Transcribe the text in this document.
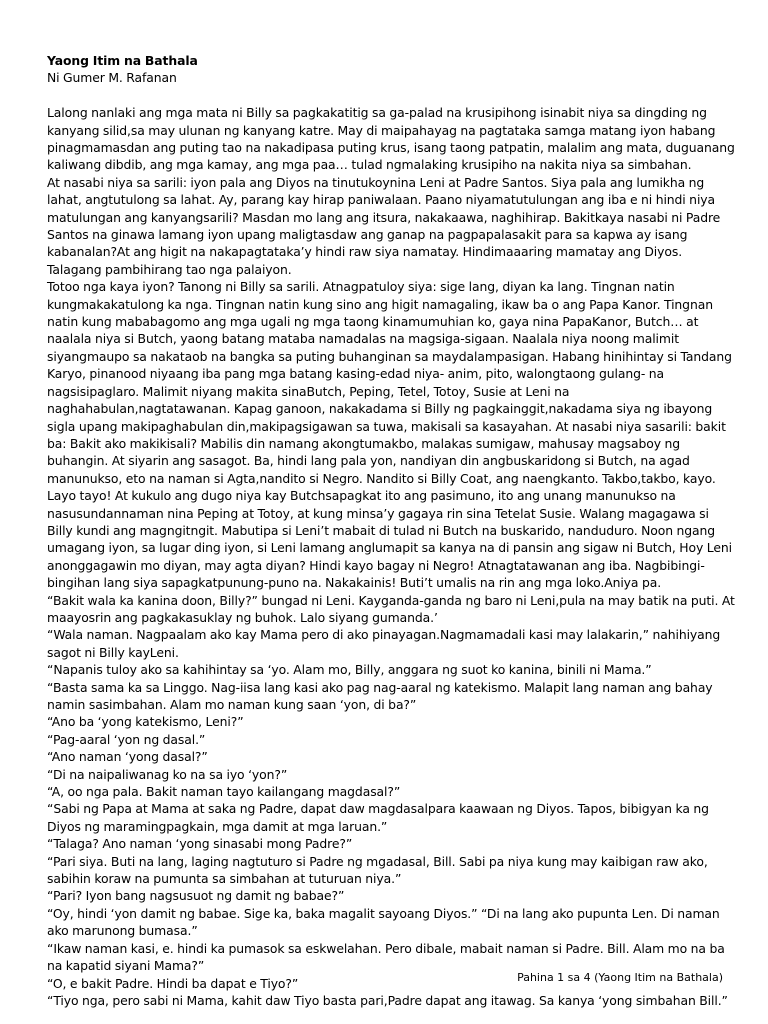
Yaong Itim na Bathala

Ni Gumer M. Rafanan

Lalong nanlaki ang mga mata ni Billy sa pagkakatitig sa ga-palad na krusipihong isinabit niya sa dingding ng kanyang silid,sa may ulunan ng kanyang katre. May di maipahayag na pagtataka samga matang iyon habang pinagmamasdan ang puting tao na nakadipasa puting krus, isang taong patpatin, malalim ang mata, duguanang kaliwang dibdib, ang mga kamay, ang mga paa… tulad ngmalaking krusipiho na nakita niya sa simbahan.

At nasabi niya sa sarili: iyon pala ang Diyos na tinutukoynina Leni at Padre Santos. Siya pala ang lumikha ng lahat, angtutulong sa lahat. Ay, parang kay hirap paniwalaan. Paano niyamatutulungan ang iba e ni hindi niya matulungan ang kanyangsarili? Masdan mo lang ang itsura, nakakaawa, naghihirap. Bakitkaya nasabi ni Padre Santos na ginawa lamang iyon upang maligtasdaw ang ganap na pagpapalasakit para sa kapwa ay isang kabanalan?At ang higit na nakapagtataka’y hindi raw siya namatay. Hindimaaaring mamatay ang Diyos. Talagang pambihirang tao nga palaiyon.

Totoo nga kaya iyon? Tanong ni Billy sa sarili. Atnagpatuloy siya: sige lang, diyan ka lang. Tingnan natin kungmakakatulong ka nga. Tingnan natin kung sino ang higit namagaling, ikaw ba o ang Papa Kanor. Tingnan natin kung mababagomo ang mga ugali ng mga taong kinamumuhian ko, gaya nina PapaKanor, Butch… at naalala niya si Butch, yaong batang mataba namadalas na magsiga-sigaan. Naalala niya noong malimit siyangmaupo sa nakataob na bangka sa puting buhanginan sa maydalampasigan. Habang hinihintay si Tandang Karyo, pinanood niyaang iba pang mga batang kasing-edad niya- anim, pito, walongtaong gulang- na nagsisipaglaro. Malimit niyang makita sinaButch, Peping, Tetel, Totoy, Susie at Leni na naghahabulan,nagtatawanan. Kapag ganoon, nakakadama si Billy ng pagkainggit,nakadama siya ng ibayong sigla upang makipaghabulan din,makipagsigawan sa tuwa, makisali sa kasayahan. At nasabi niya sasarili: bakit ba: Bakit ako makikisali? Mabilis din namang akongtumakbo, malakas sumigaw, mahusay magsaboy ng buhangin. At siyarin ang sasagot. Ba, hindi lang pala yon, nandiyan din angbuskaridong si Butch, na agad manunukso, eto na naman si Agta,nandito si Negro. Nandito si Billy Coat, ang naengkanto. Takbo,takbo, kayo. Layo tayo! At kukulo ang dugo niya kay Butchsapagkat ito ang pasimuno, ito ang unang manunukso na nasusundannaman nina Peping at Totoy, at kung minsa’y gagaya rin sina Tetelat Susie. Walang magagawa si Billy kundi ang magngitngit. Mabutipa si Leni’t mabait di tulad ni Butch na buskarido, nanduduro. Noon ngang umagang iyon, sa lugar ding iyon, si Leni lamang anglumapit sa kanya na di pansin ang sigaw ni Butch, Hoy Leni anonggagawin mo diyan, may agta diyan? Hindi kayo bagay ni Negro! Atnagtatawanan ang iba. Nagbibingi-bingihan lang siya sapagkatpunung-puno na. Nakakainis! Buti’t umalis na rin ang mga loko.Aniya pa.

“Bakit wala ka kanina doon, Billy?” bungad ni Leni. Kayganda-ganda ng baro ni Leni,pula na may batik na puti. At maayosrin ang pagkakasuklay ng buhok. Lalo siyang gumanda.’

“Wala naman. Nagpaalam ako kay Mama pero di ako pinayagan.Nagmamadali kasi may lalakarin,” nahihiyang sagot ni Billy kayLeni.

“Napanis tuloy ako sa kahihintay sa ‘yo. Alam mo, Billy, anggara ng suot ko kanina, binili ni Mama.”

“Basta sama ka sa Linggo. Nag-iisa lang kasi ako pag nag-aaral ng katekismo. Malapit lang naman ang bahay namin sasimbahan. Alam mo naman kung saan ‘yon, di ba?”

“Ano ba ‘yong katekismo, Leni?”

“Pag-aaral ‘yon ng dasal.”

“Ano naman ‘yong dasal?”

“Di na naipaliwanag ko na sa iyo ‘yon?”

“A, oo nga pala. Bakit naman tayo kailangang magdasal?”

“Sabi ng Papa at Mama at saka ng Padre, dapat daw magdasalpara kaawaan ng Diyos. Tapos, bibigyan ka ng Diyos ng maramingpagkain, mga damit at mga laruan.”

“Talaga? Ano naman ‘yong sinasabi mong Padre?”

“Pari siya. Buti na lang, laging nagtuturo si Padre ng mgadasal, Bill. Sabi pa niya kung may kaibigan raw ako, sabihin koraw na pumunta sa simbahan at tuturuan niya.”

“Pari? Iyon bang nagsusuot ng damit ng babae?”

“Oy, hindi ‘yon damit ng babae. Sige ka, baka magalit sayoang Diyos.” “Di na lang ako pupunta Len. Di naman ako marunong bumasa.”

“Ikaw naman kasi, e. hindi ka pumasok sa eskwelahan. Pero dibale, mabait naman si Padre. Bill. Alam mo na ba na kapatid siyani Mama?”

“O, e bakit Padre. Hindi ba dapat e Tiyo?”

“Tiyo nga, pero sabi ni Mama, kahit daw Tiyo basta pari,Padre dapat ang itawag. Sa kanya ‘yong simbahan Bill.”

Pahina 1 sa 4 (Yaong Itim na Bathala)
